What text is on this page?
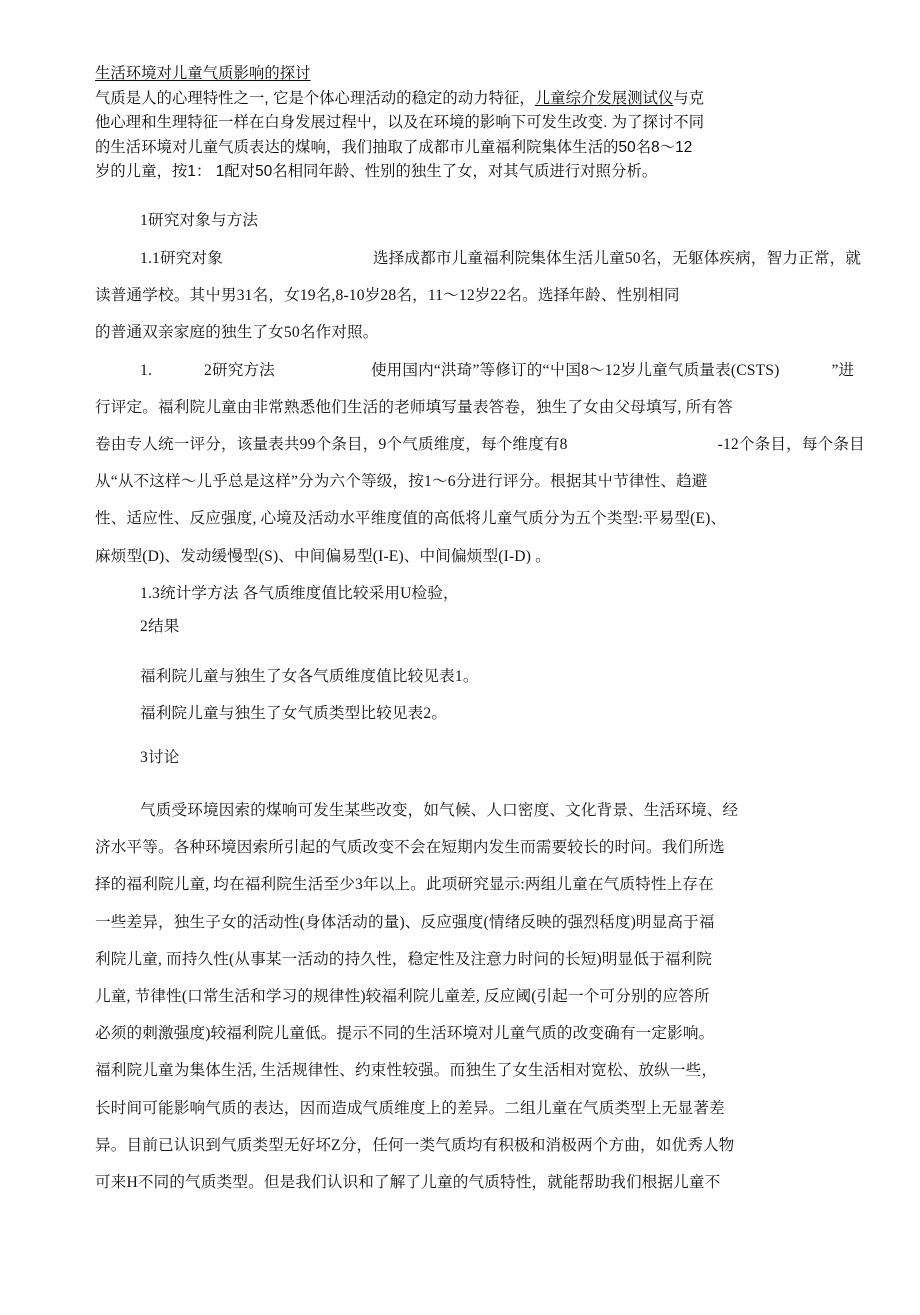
生活环境对儿童气质影响的探讨
气质是人的心理特性之一, 它是个体心理活动的稳定的动力特征，儿童综介发展测试仪与克
他心理和生理特征一样在白身发展过程屮，以及在环境的影响下可发生改变. 为了探讨不同
的生活环境对儿童气质表达的煤响，我们抽取了成都市儿童福利院集体生活的50名8～12
岁的儿童，按1： 1配对50名相同年龄、性别的独生了女，对其气质进行对照分析。
1研究对象与方法
1.1研究对象	选择成都市儿童福利院集体生活儿童50名，无躯体疾病，智力正常，就
读普通学校。其屮男31名，女19名,8-10岁28名，11～12岁22名。选择年龄、性别相同
的普通双亲家庭的独生了女50名作对照。
1.	2研究方法	使用国内“洪琦”等修订的“屮国8～12岁儿童气质量表(CSTS)	”进
行评定。福利院儿童由非常熟悉他们生活的老师填写量表答卷，独生了女由父母填写, 所有答
卷由专人统一评分，该量表共99个条目，9个气质维度，每个维度有8	-12个条目，每个条目
从“从不这样～儿乎总是这样”分为六个等级，按1～6分进行评分。根据其屮节律性、趋避
性、适应性、反应强度, 心境及活动水平维度值的高低将儿童气质分为五个类型:平易型(E)、
麻烦型(D)、发动缓慢型(S)、中间偏易型(I-E)、中间偏烦型(I-D) 。
1.3统计学方法 各气质维度值比较采用U检验，
2结果
福利院儿童与独生了女各气质维度值比较见表1。
福利院儿童与独生了女气质类型比较见表2。
3讨论
气质受环境因索的煤响可发生某些改变，如气候、人口密度、文化背景、生活环境、经
济水平等。各种环境因索所引起的气质改变不会在短期内发生而需要较长的时问。我们所选
择的福利院儿童, 均在福利院生活至少3年以上。此项研究显示:两组儿童在气质特性上存在
一些差异，独生子女的活动性(身体活动的量)、反应强度(情绪反映的强烈秳度)明显高于福
利院儿童, 而持久性(从事某一活动的持久性，稳定性及注意力时问的长短)明显低于福利院
儿童, 节律性(口常生活和学习的规律性)较福利院儿童差, 反应阈(引起一个可分别的应答所
必须的刺激强度)较福利院儿童低。提示不同的生活环境对儿童气质的改变确有一定影响。
福利院儿童为集体生活, 生活规律性、约束性较强。而独生了女生活相对宽松、放纵一些，
长时间可能影响气质的表达，因而造成气质维度上的差异。二组儿童在气质类型上无显著差
异。目前已认识到气质类型无好坏Z分，任何一类气质均有积极和消极两个方曲，如优秀人物
可来H不同的气质类型。但是我们认识和了解了儿童的气质特性，就能帮助我们根据儿童不
